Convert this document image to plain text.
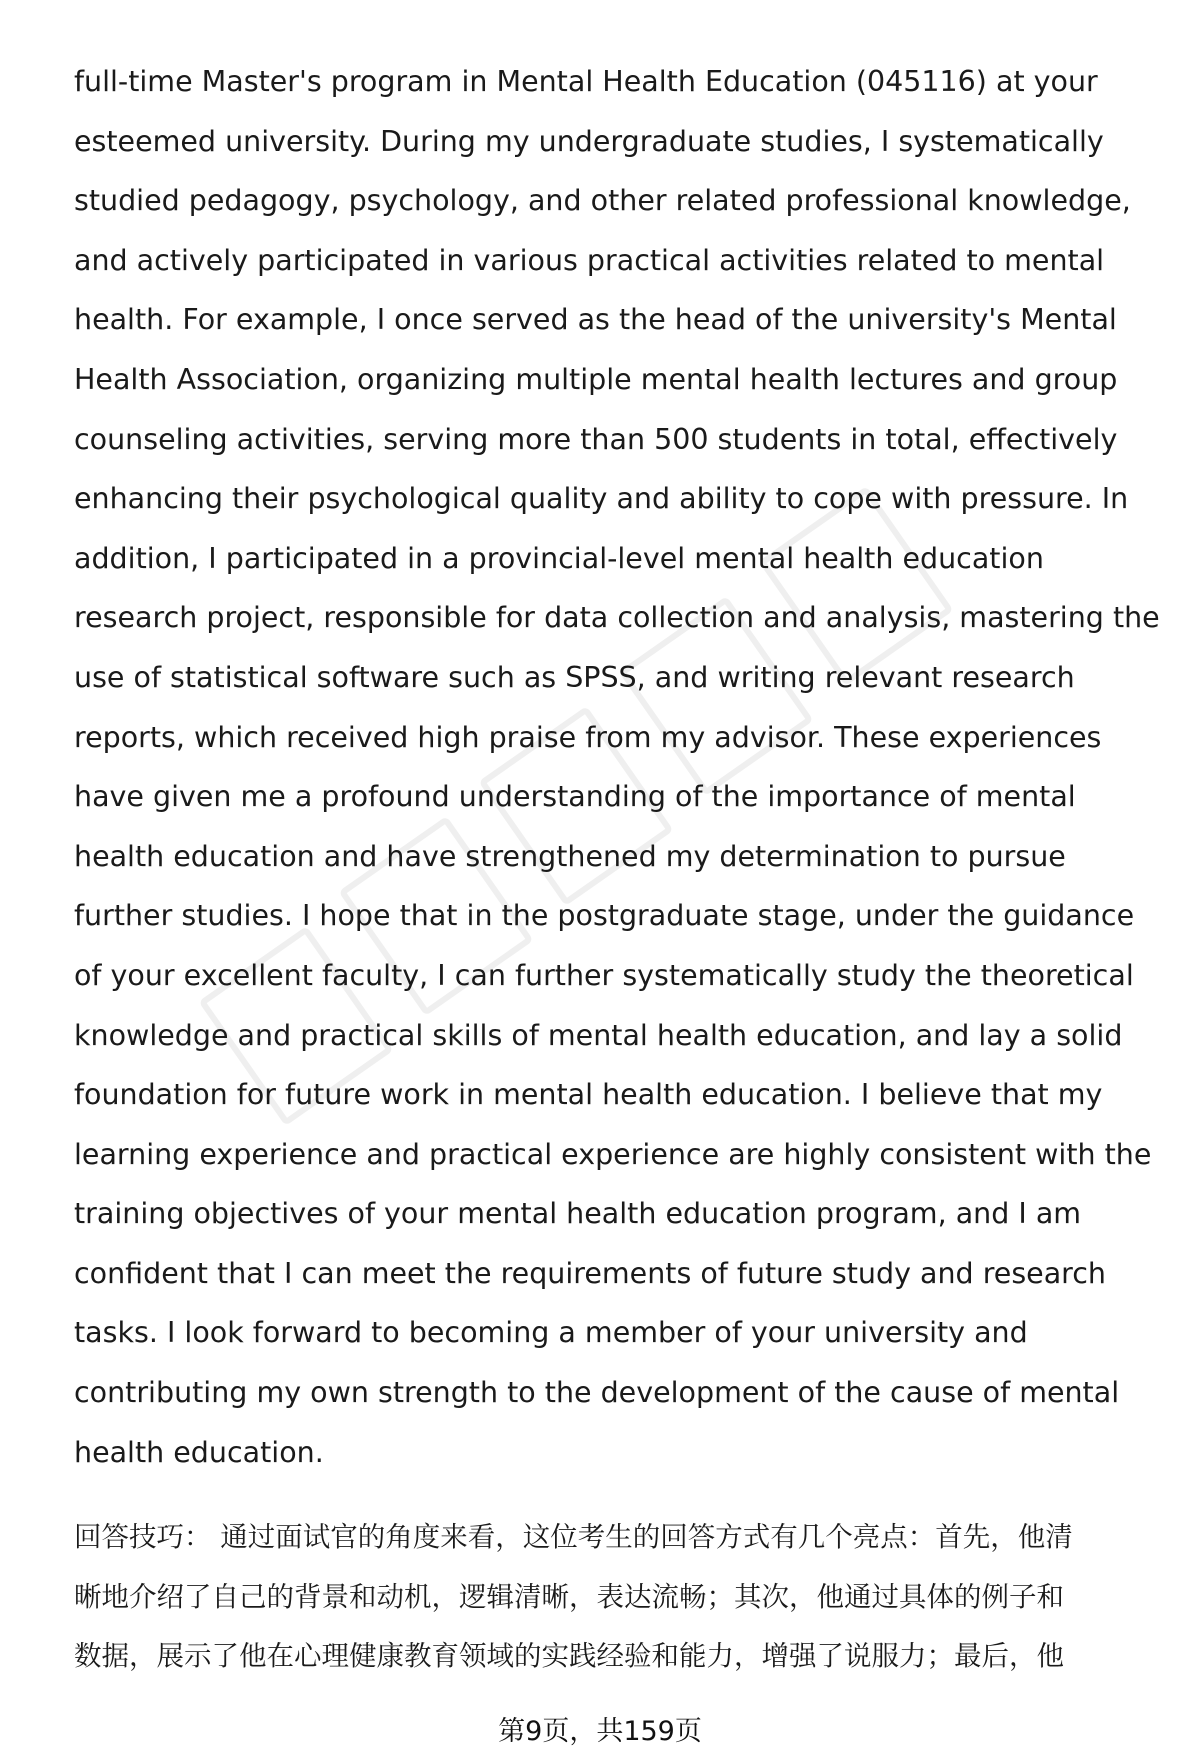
full-time Master's program in Mental Health Education (045116) at your
esteemed university. During my undergraduate studies, I systematically
studied pedagogy, psychology, and other related professional knowledge,
and actively participated in various practical activities related to mental
health. For example, I once served as the head of the university's Mental
Health Association, organizing multiple mental health lectures and group
counseling activities, serving more than 500 students in total, effectively
enhancing their psychological quality and ability to cope with pressure. In
addition, I participated in a provincial-level mental health education
research project, responsible for data collection and analysis, mastering the
use of statistical software such as SPSS, and writing relevant research
reports, which received high praise from my advisor. These experiences
have given me a profound understanding of the importance of mental
health education and have strengthened my determination to pursue
further studies. I hope that in the postgraduate stage, under the guidance
of your excellent faculty, I can further systematically study the theoretical
knowledge and practical skills of mental health education, and lay a solid
foundation for future work in mental health education. I believe that my
learning experience and practical experience are highly consistent with the
training objectives of your mental health education program, and I am
confident that I can meet the requirements of future study and research
tasks. I look forward to becoming a member of your university and
contributing my own strength to the development of the cause of mental
health education.
回答技巧： 通过面试官的角度来看，这位考生的回答方式有几个亮点：首先，他清
晰地介绍了自己的背景和动机，逻辑清晰，表达流畅；其次，他通过具体的例子和
数据，展示了他在心理健康教育领域的实践经验和能力，增强了说服力；最后，他
第9页，共159页
